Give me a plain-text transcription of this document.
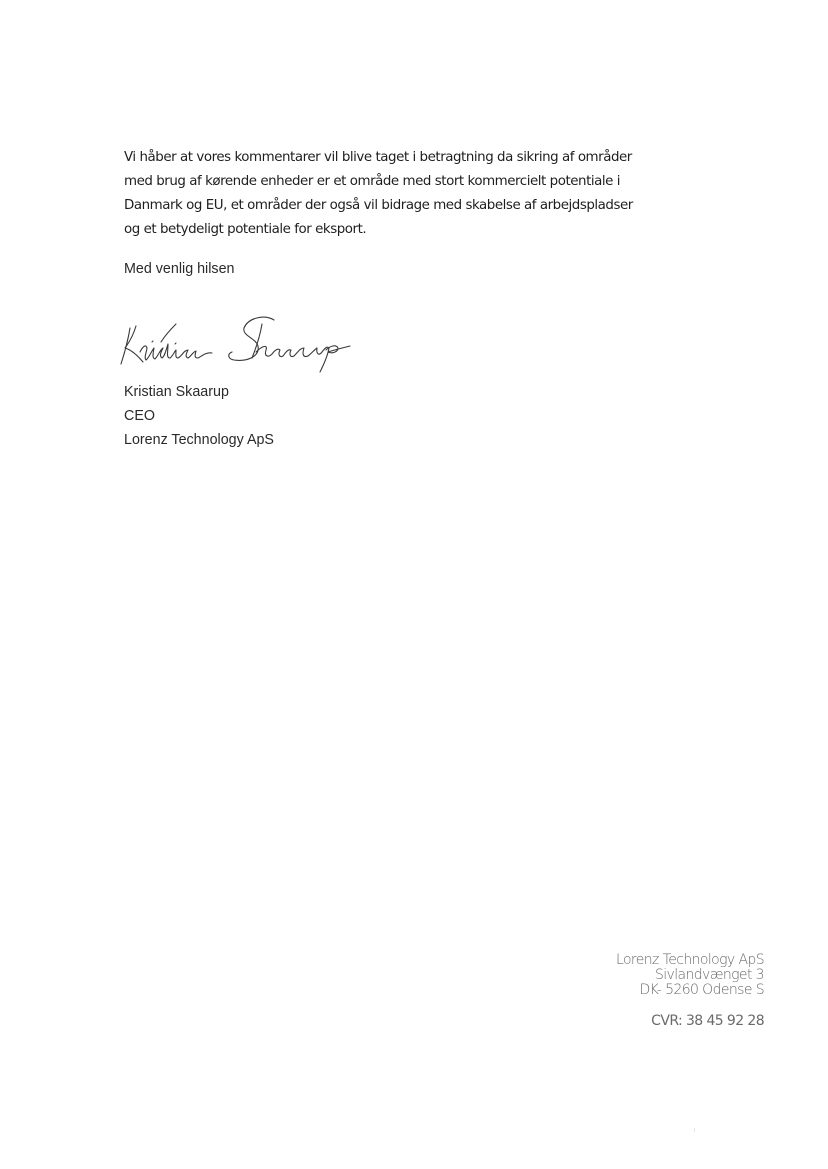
Vi håber at vores kommentarer vil blive taget i betragtning da sikring af områder
med brug af kørende enheder er et område med stort kommercielt potentiale i
Danmark og EU, et områder der også vil bidrage med skabelse af arbejdspladser
og et betydeligt potentiale for eksport.

Med venlig hilsen

Kristian Skaarup
CEO
Lorenz Technology ApS
Lorenz Technology ApS
Sivlandvænget 3
DK- 5260 Odense S
CVR: 38 45 92 28
